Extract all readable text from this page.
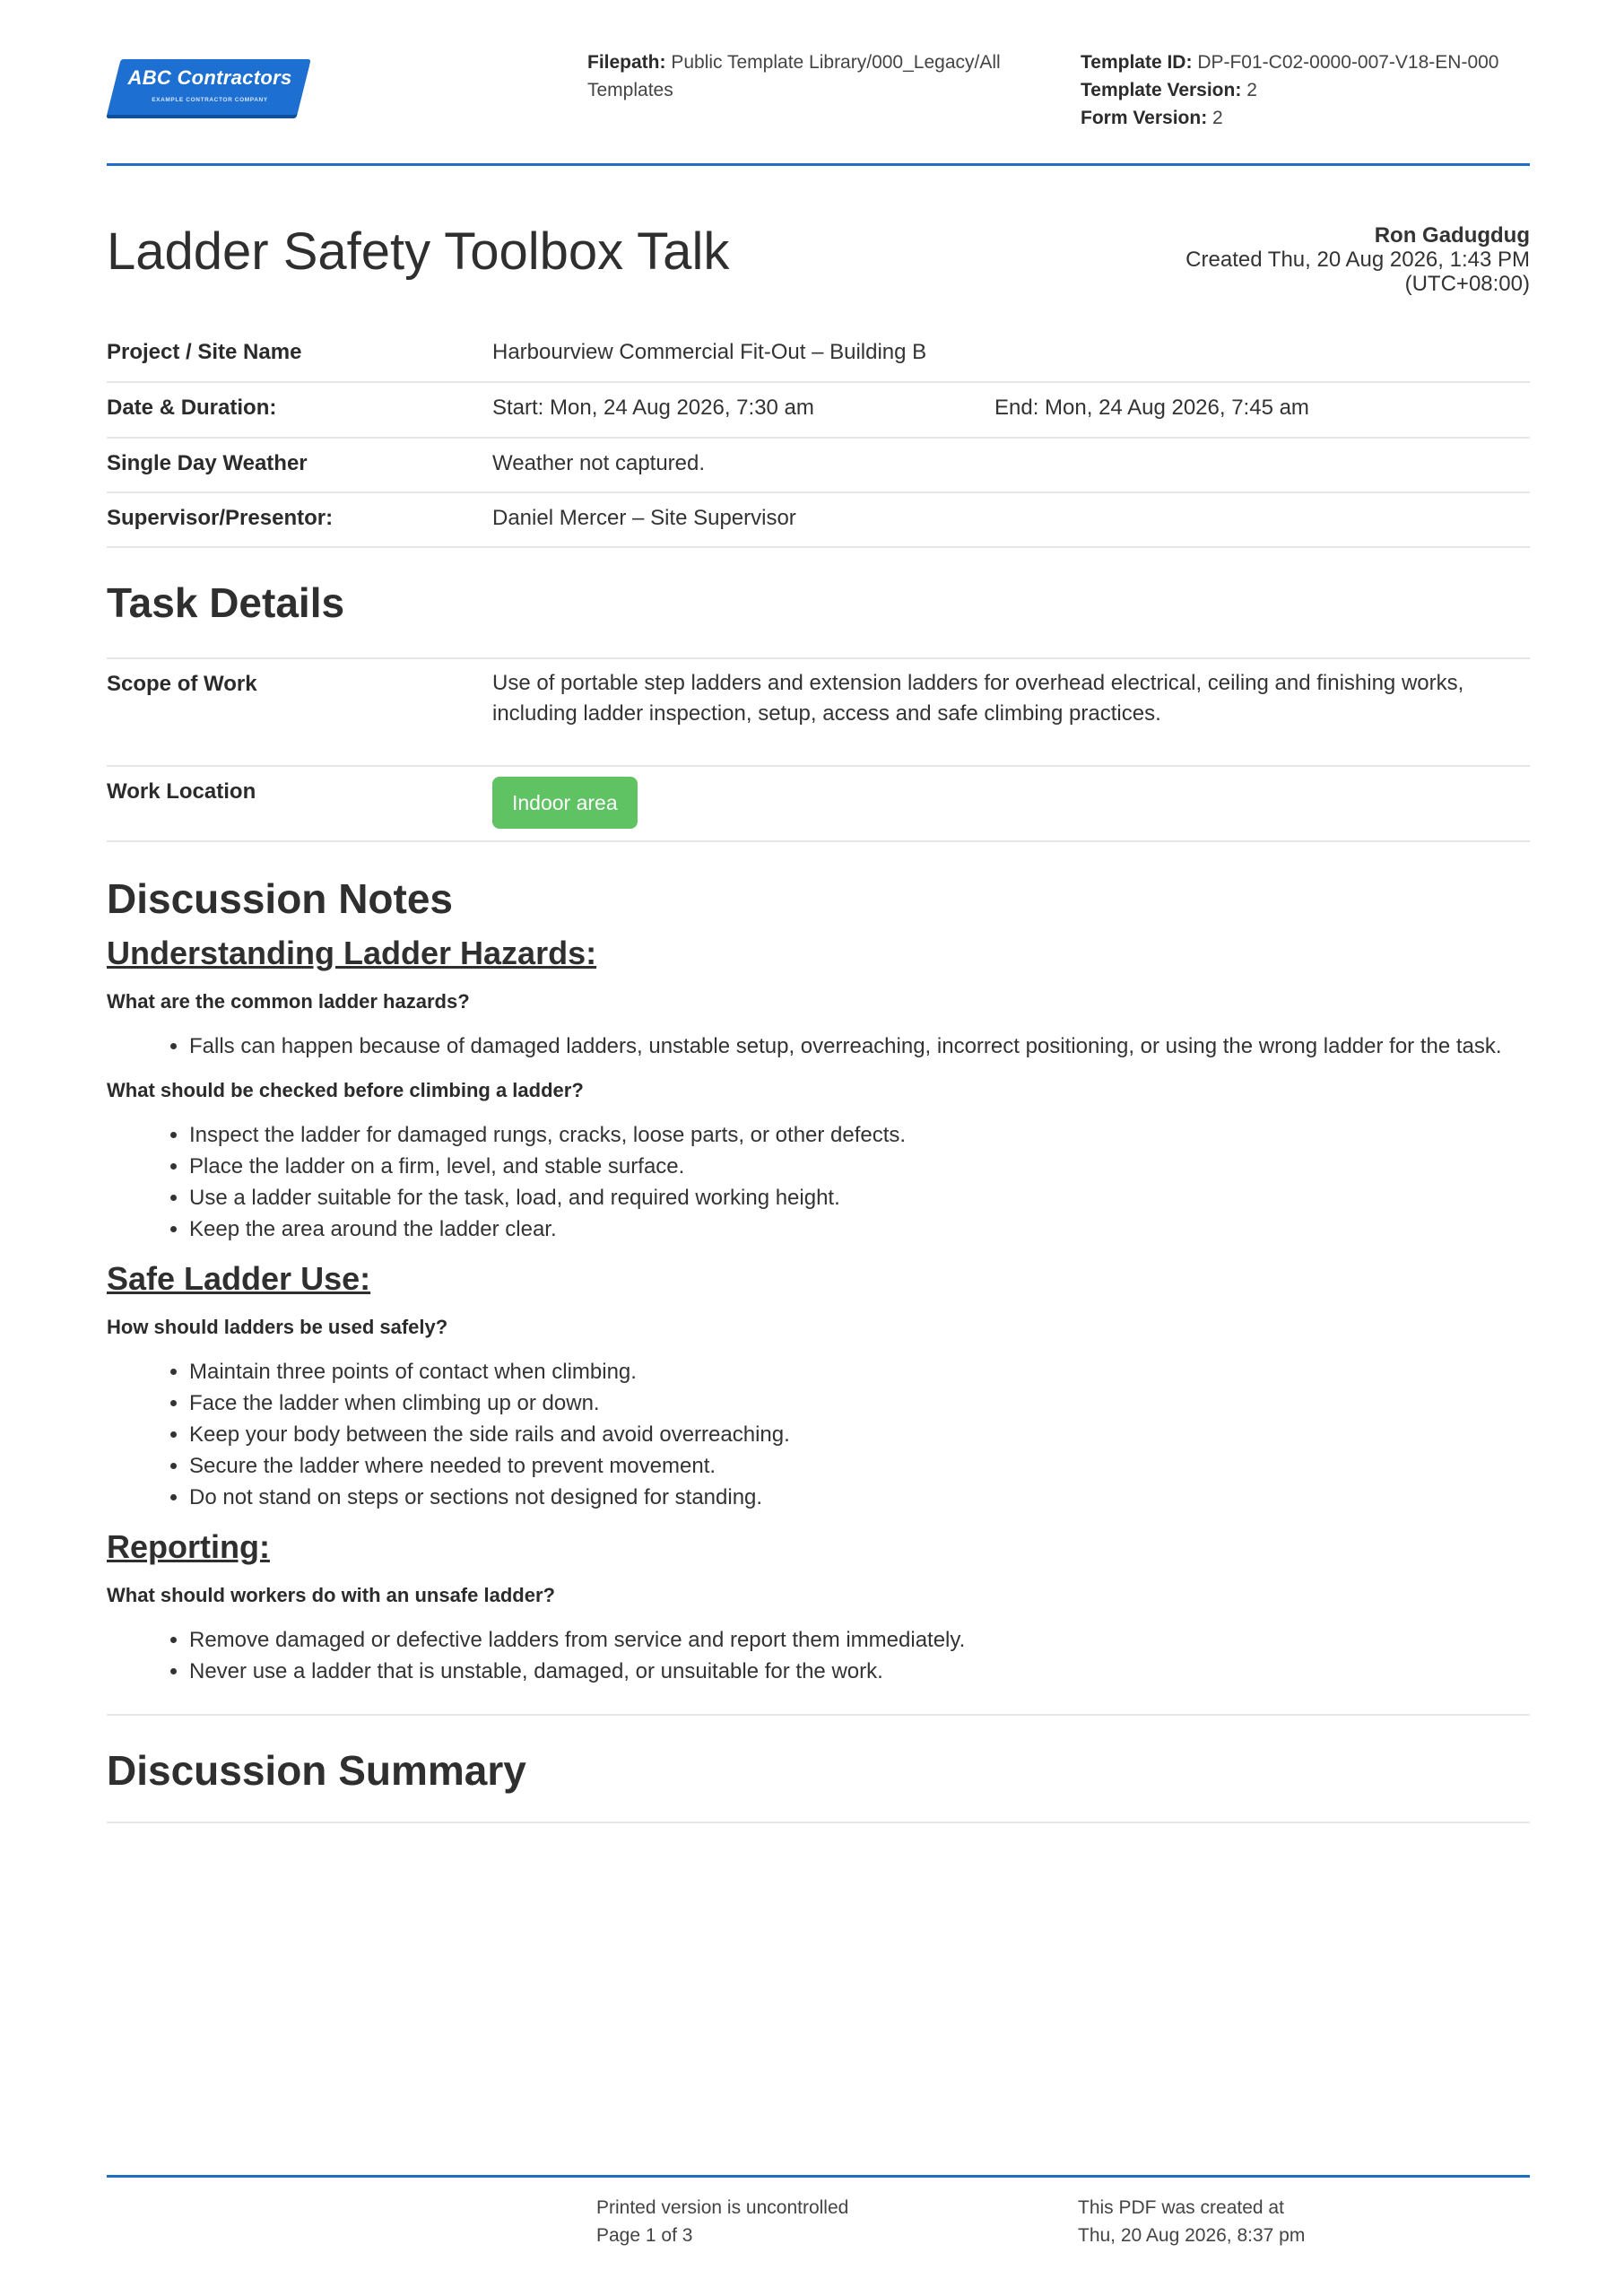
ABC Contractors
EXAMPLE CONTRACTOR COMPANY
Filepath: Public Template Library/000_Legacy/All Templates
Template ID: DP-F01-C02-0000-007-V18-EN-000
Template Version: 2
Form Version: 2
Ladder Safety Toolbox Talk	Ron Gadugdug
Created Thu, 20 Aug 2026, 1:43 PM
(UTC+08:00)
Project / Site Name	Harbourview Commercial Fit-Out – Building B
Date & Duration:	Start: Mon, 24 Aug 2026, 7:30 am	End: Mon, 24 Aug 2026, 7:45 am
Single Day Weather	Weather not captured.
Supervisor/Presentor:	Daniel Mercer – Site Supervisor
Task Details
Scope of Work	Use of portable step ladders and extension ladders for overhead electrical, ceiling and finishing works, including ladder inspection, setup, access and safe climbing practices.
Work Location	Indoor area
Discussion Notes
Understanding Ladder Hazards:

What are the common ladder hazards?

• Falls can happen because of damaged ladders, unstable setup, overreaching, incorrect positioning, or using the wrong ladder for the task.

What should be checked before climbing a ladder?

• Inspect the ladder for damaged rungs, cracks, loose parts, or other defects.
• Place the ladder on a firm, level, and stable surface.
• Use a ladder suitable for the task, load, and required working height.
• Keep the area around the ladder clear.
Safe Ladder Use:

How should ladders be used safely?

• Maintain three points of contact when climbing.
• Face the ladder when climbing up or down.
• Keep your body between the side rails and avoid overreaching.
• Secure the ladder where needed to prevent movement.
• Do not stand on steps or sections not designed for standing.
Reporting:

What should workers do with an unsafe ladder?

• Remove damaged or defective ladders from service and report them immediately.
• Never use a ladder that is unstable, damaged, or unsuitable for the work.
Discussion Summary
Printed version is uncontrolled
Page 1 of 3
This PDF was created at
Thu, 20 Aug 2026, 8:37 pm
